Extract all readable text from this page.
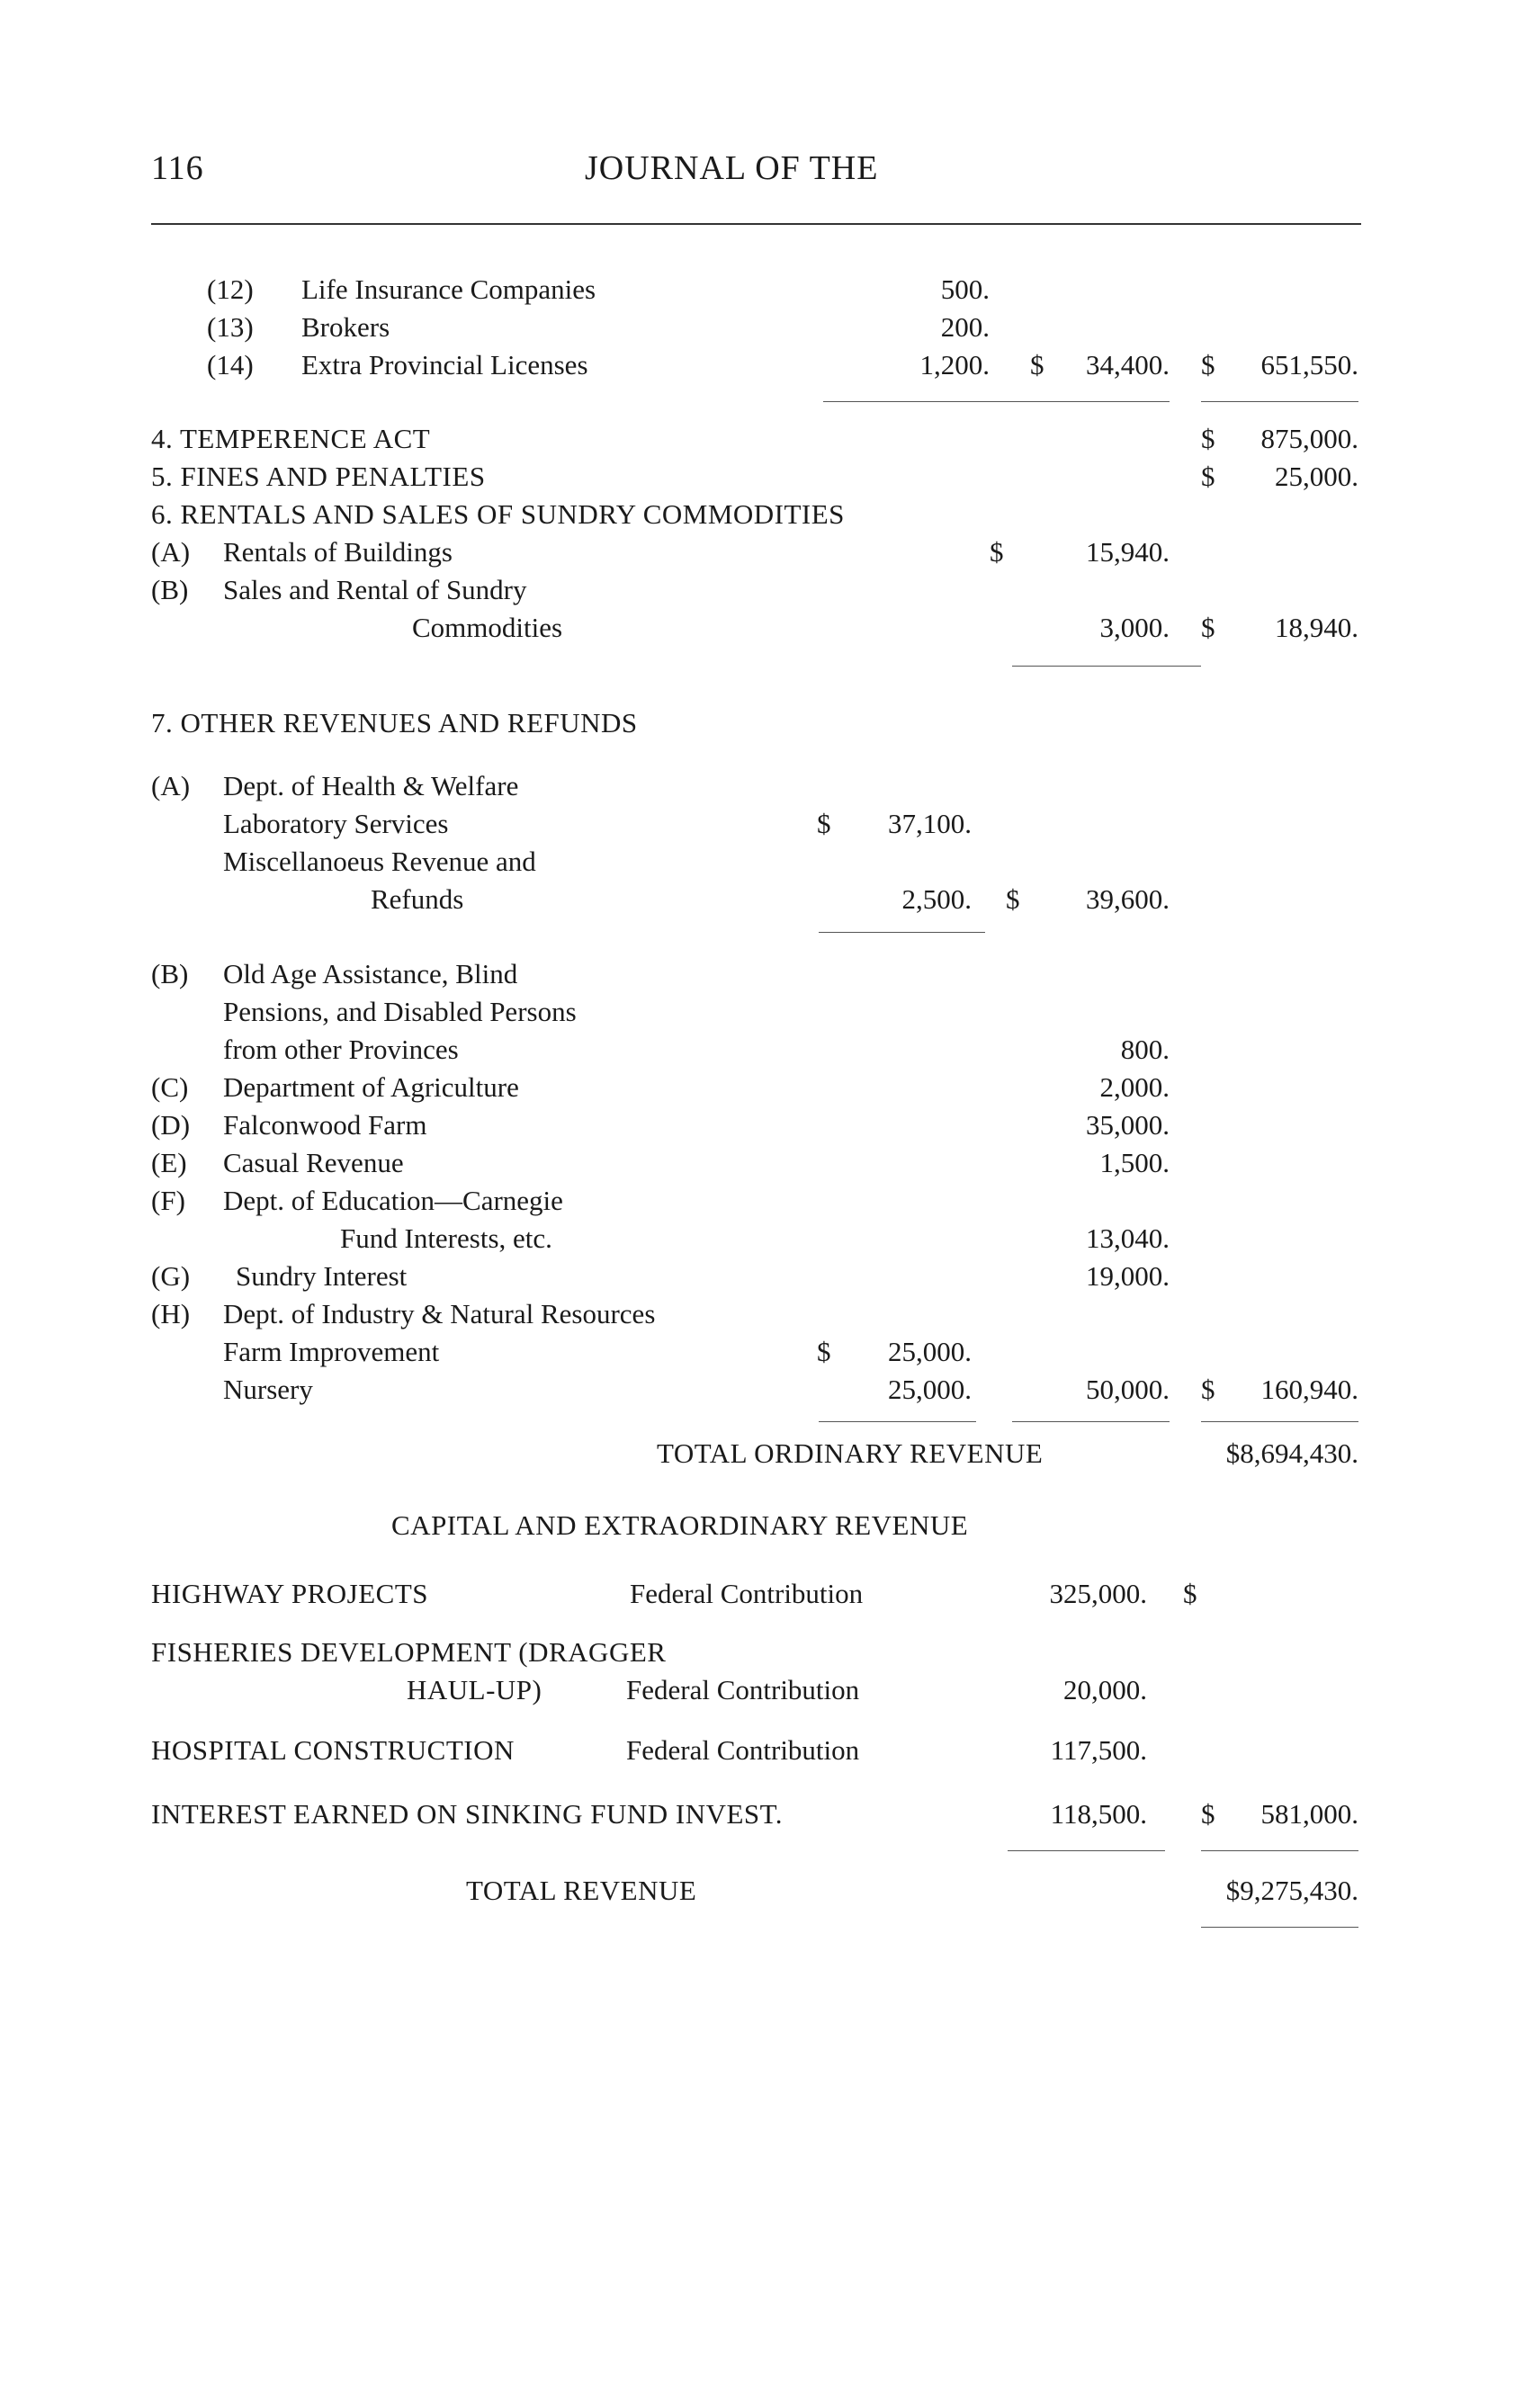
116	JOURNAL OF THE
(12) Life Insurance Companies	500.
(13) Brokers	200.
(14) Extra Provincial Licenses	1,200. $	34,400. $	651,550.
4. TEMPERENCE ACT	$	875,000.
5. FINES AND PENALTIES	$	25,000.
6. RENTALS AND SALES OF SUNDRY COMMODITIES
(A) Rentals of Buildings	$	15,940.
(B) Sales and Rental of Sundry
Commodities	3,000. $	18,940.
7. OTHER REVENUES AND REFUNDS
(A) Dept. of Health & Welfare
Laboratory Services	$	37,100.
Miscellanoeus Revenue and
Refunds	2,500. $	39,600.
(B) Old Age Assistance, Blind
Pensions, and Disabled Persons
from other Provinces	800.
(C) Department of Agriculture	2,000.
(D) Falconwood Farm	35,000.
(E) Casual Revenue	1,500.
(F) Dept. of Education—Carnegie
Fund Interests, etc.	13,040.
(G) Sundry Interest	19,000.
(H) Dept. of Industry & Natural Resources
Farm Improvement	$	25,000.
Nursery	25,000.	50,000. $	160,940.
TOTAL ORDINARY REVENUE	$8,694,430.
CAPITAL AND EXTRAORDINARY REVENUE
HIGHWAY PROJECTS	Federal Contribution	325,000. $
FISHERIES DEVELOPMENT (DRAGGER
HAUL-UP)	Federal Contribution	20,000.
HOSPITAL CONSTRUCTION	Federal Contribution	117,500.
INTEREST EARNED ON SINKING FUND INVEST.	118,500. $	581,000.
TOTAL REVENUE	$9,275,430.
